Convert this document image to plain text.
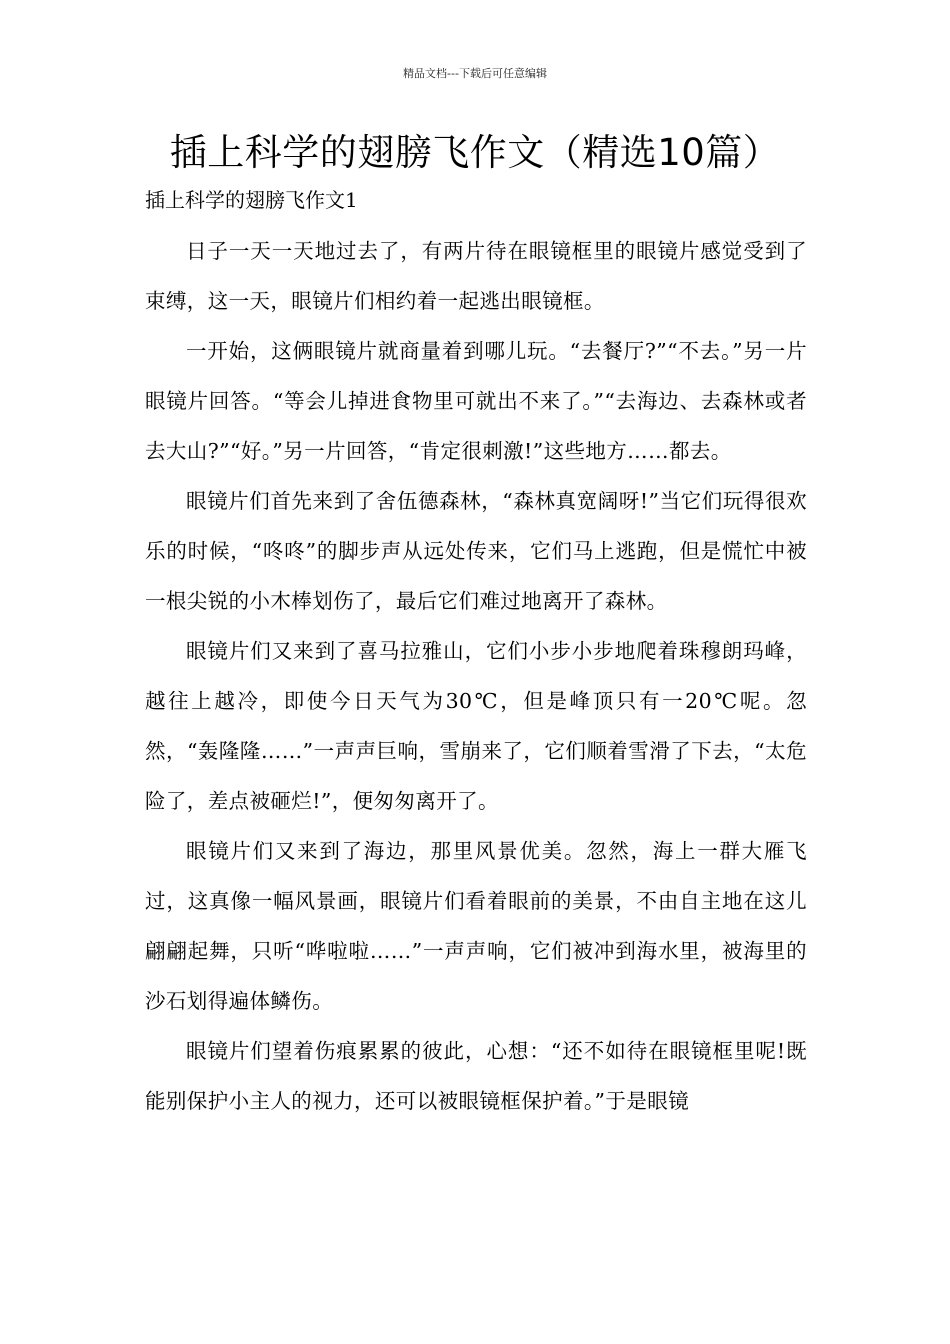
精品文档---下载后可任意编辑
插上科学的翅膀飞作文（精选10篇）

插上科学的翅膀飞作文1

日子一天一天地过去了，有两片待在眼镜框里的眼镜片感觉受到了束缚，这一天，眼镜片们相约着一起逃出眼镜框。

一开始，这俩眼镜片就商量着到哪儿玩。“去餐厅?”“不去。”另一片眼镜片回答。“等会儿掉进食物里可就出不来了。”“去海边、去森林或者去大山?”“好。”另一片回答，“肯定很刺激!”这些地方……都去。

眼镜片们首先来到了舍伍德森林，“森林真宽阔呀!”当它们玩得很欢乐的时候，“咚咚”的脚步声从远处传来，它们马上逃跑，但是慌忙中被一根尖锐的小木棒划伤了，最后它们难过地离开了森林。

眼镜片们又来到了喜马拉雅山，它们小步小步地爬着珠穆朗玛峰，越往上越冷，即使今日天气为30℃，但是峰顶只有一20℃呢。忽然，“轰隆隆……”一声声巨响，雪崩来了，它们顺着雪滑了下去，“太危险了，差点被砸烂!”，便匆匆离开了。

眼镜片们又来到了海边，那里风景优美。忽然，海上一群大雁飞过，这真像一幅风景画，眼镜片们看着眼前的美景，不由自主地在这儿翩翩起舞，只听“哗啦啦……”一声声响，它们被冲到海水里，被海里的沙石划得遍体鳞伤。

眼镜片们望着伤痕累累的彼此，心想：“还不如待在眼镜框里呢!既能别保护小主人的视力，还可以被眼镜框保护着。”于是眼镜
